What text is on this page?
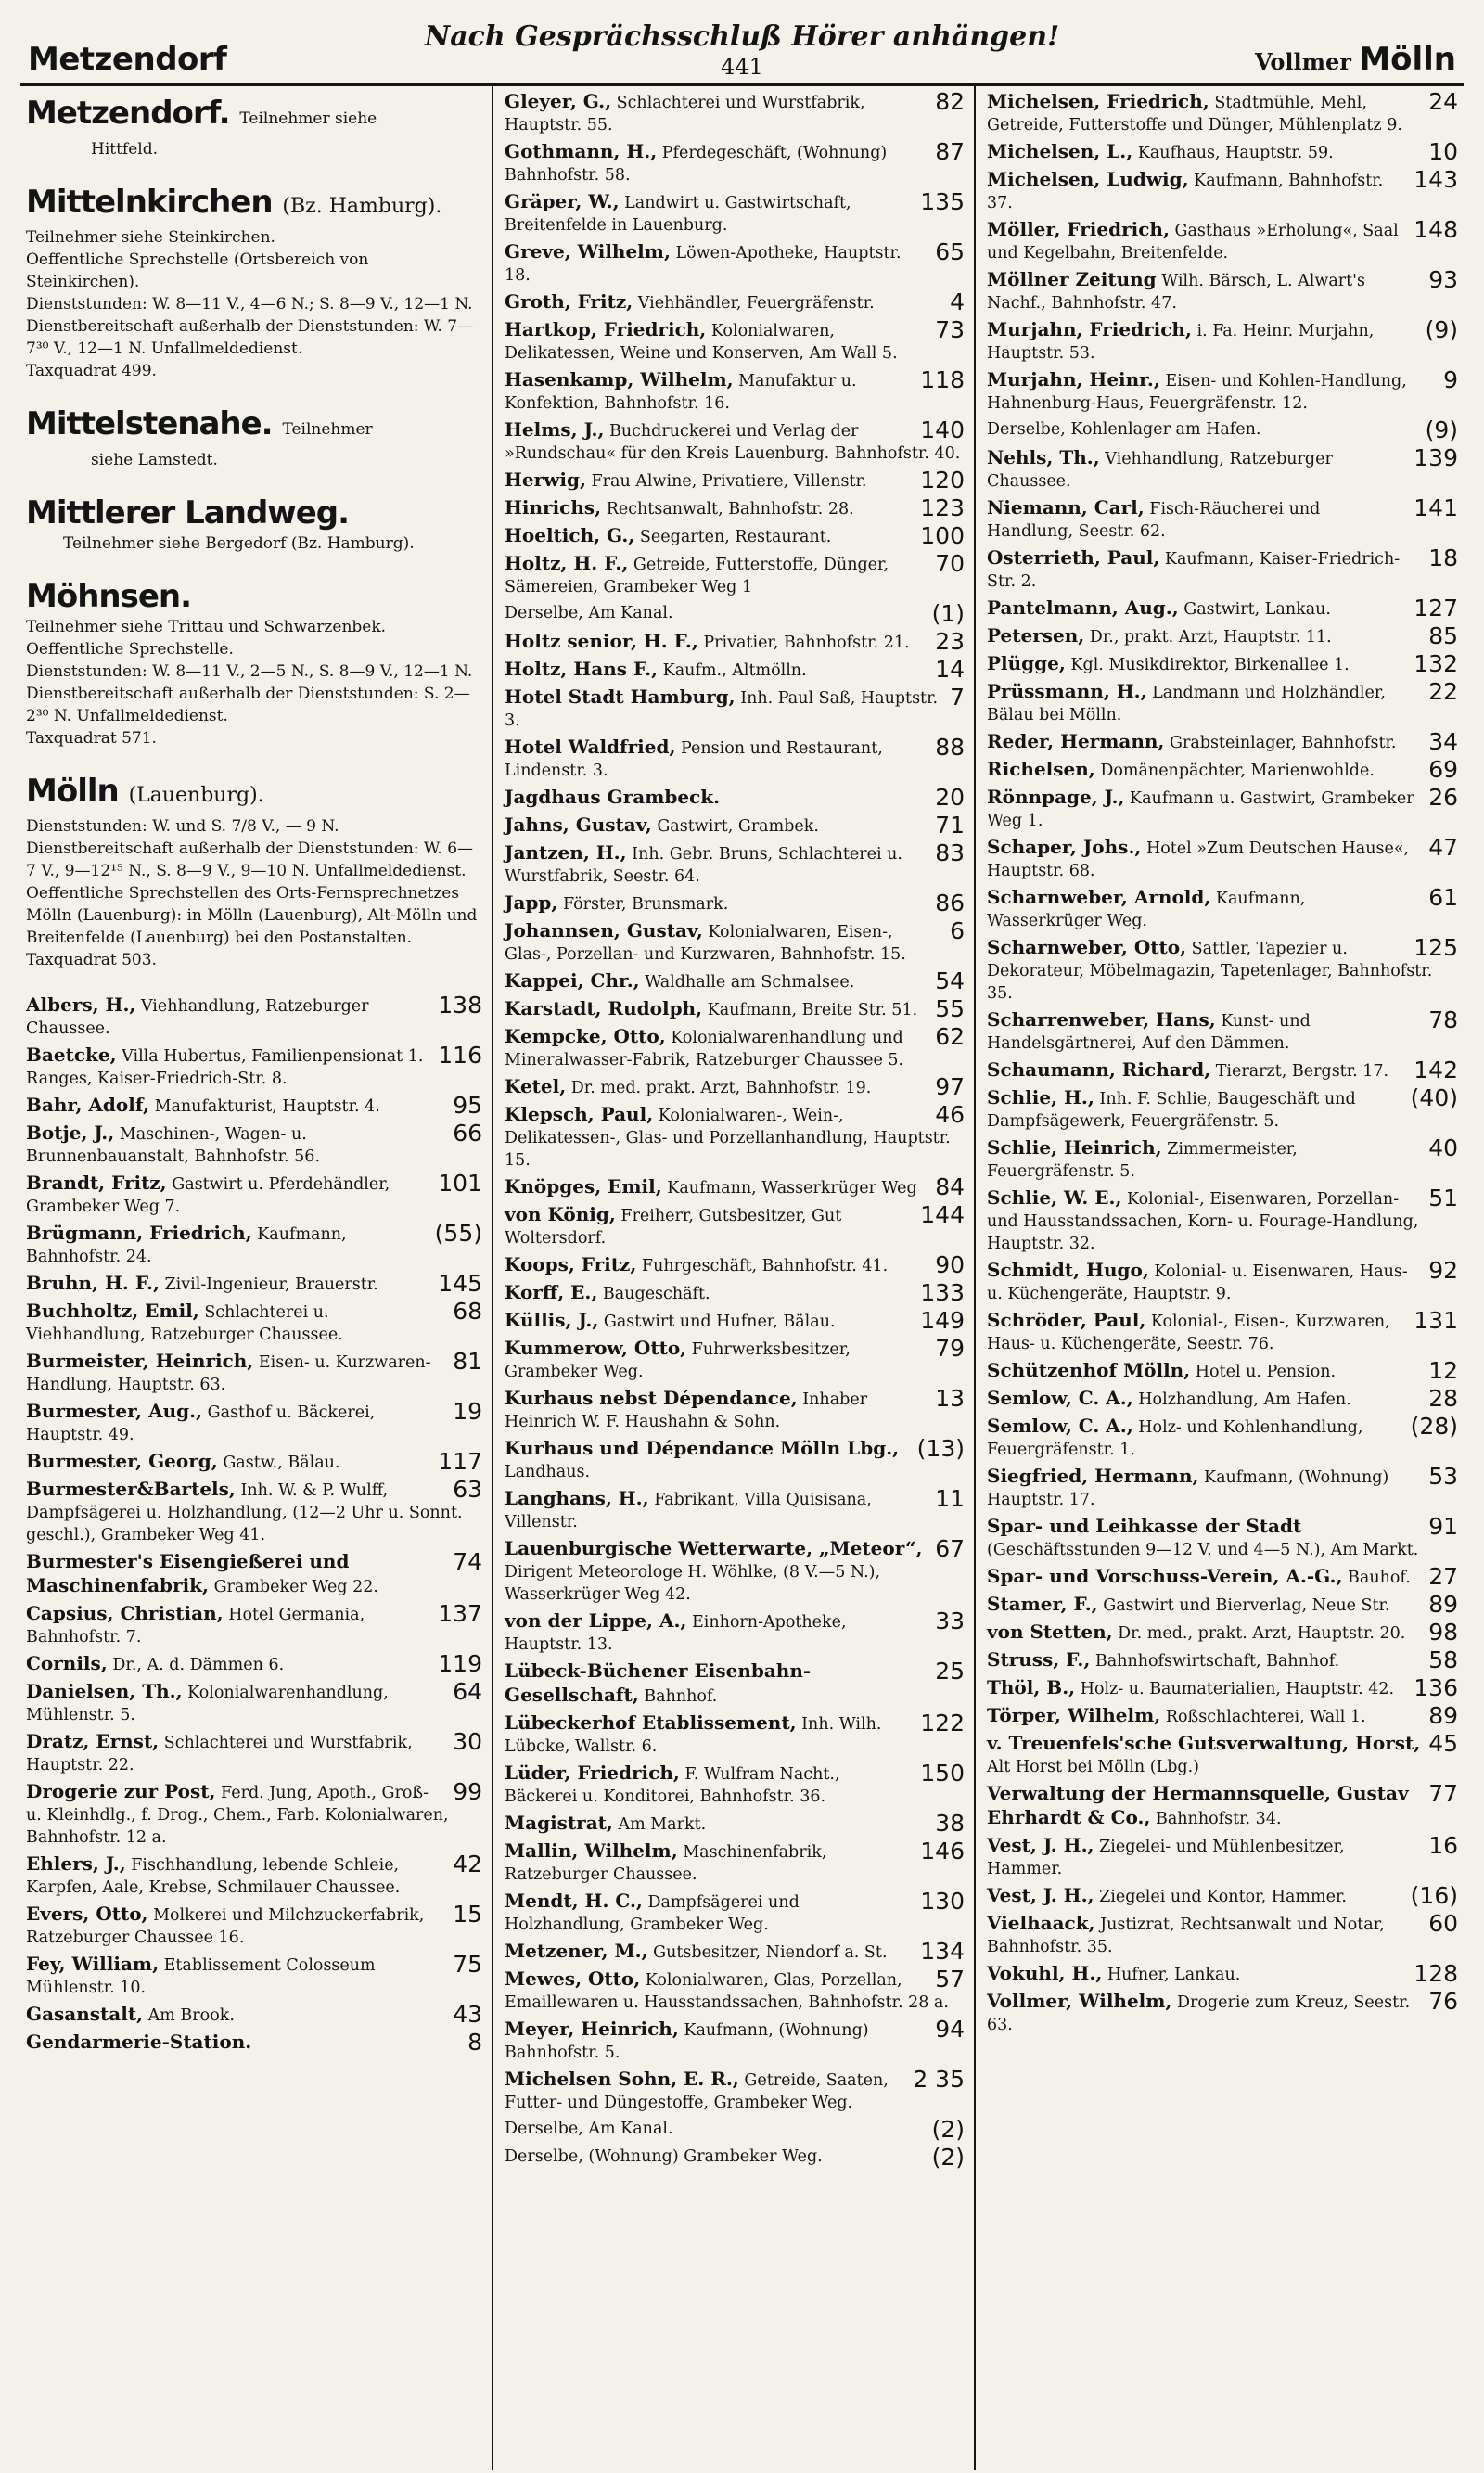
Metzendorf
Nach Gesprächsschluß Hörer anhängen!
441	Vollmer Mölln
Metzendorf. Teilnehmer siehe
Hittfeld.
Mittelnkirchen (Bz. Hamburg).
Teilnehmer siehe Steinkirchen.
Oeffentliche Sprechstelle (Ortsbereich von Steinkirchen).
Dienststunden: W. 8—11 V., 4—6 N.; S. 8—9 V., 12—1 N.
Dienstbereitschaft außerhalb der Dienststunden: W. 7—7³⁰ V., 12—1 N. Unfallmeldedienst.
Taxquadrat 499.
Mittelstenahe. Teilnehmer
siehe Lamstedt.
Mittlerer Landweg.
Teilnehmer siehe Bergedorf (Bz. Hamburg).
Möhnsen.
Teilnehmer siehe Trittau und Schwarzenbek.
Oeffentliche Sprechstelle.
Dienststunden: W. 8—11 V., 2—5 N., S. 8—9 V., 12—1 N.
Dienstbereitschaft außerhalb der Dienststunden: S. 2—2³⁰ N. Unfallmeldedienst.
Taxquadrat 571.
Mölln (Lauenburg).
Dienststunden: W. und S. 7/8 V., — 9 N.
Dienstbereitschaft außerhalb der Dienststunden: W. 6—7 V., 9—12¹⁵ N., S. 8—9 V., 9—10 N. Unfallmeldedienst.
Oeffentliche Sprechstellen des Orts-Fernsprechnetzes Mölln (Lauenburg): in Mölln (Lauenburg), Alt-Mölln und Breitenfelde (Lauenburg) bei den Postanstalten.
Taxquadrat 503.
138
Albers, H., Viehhandlung, Ratzeburger Chaussee.
116
Baetcke, Villa Hubertus, Familienpensionat 1. Ranges, Kaiser-Friedrich-Str. 8.
95
Bahr, Adolf, Manufakturist, Hauptstr. 4.
66
Botje, J., Maschinen-, Wagen- u. Brunnenbauanstalt, Bahnhofstr. 56.
101
Brandt, Fritz, Gastwirt u. Pferdehändler, Grambeker Weg 7.
(55)
Brügmann, Friedrich, Kaufmann, Bahnhofstr. 24.
145
Bruhn, H. F., Zivil-Ingenieur, Brauerstr.
68
Buchholtz, Emil, Schlachterei u. Viehhandlung, Ratzeburger Chaussee.
81
Burmeister, Heinrich, Eisen- u. Kurzwaren-Handlung, Hauptstr. 63.
19
Burmester, Aug., Gasthof u. Bäckerei, Hauptstr. 49.
117
Burmester, Georg, Gastw., Bälau.
63
Burmester&Bartels, Inh. W. & P. Wulff, Dampfsägerei u. Holzhandlung, (12—2 Uhr u. Sonnt. geschl.), Grambeker Weg 41.
74
Burmester's Eisengießerei und Maschinenfabrik, Grambeker Weg 22.
137
Capsius, Christian, Hotel Germania, Bahnhofstr. 7.
119
Cornils, Dr., A. d. Dämmen 6.
64
Danielsen, Th., Kolonialwarenhandlung, Mühlenstr. 5.
30
Dratz, Ernst, Schlachterei und Wurstfabrik, Hauptstr. 22.
99
Drogerie zur Post, Ferd. Jung, Apoth., Groß- u. Kleinhdlg., f. Drog., Chem., Farb. Kolonialwaren, Bahnhofstr. 12 a.
42
Ehlers, J., Fischhandlung, lebende Schleie, Karpfen, Aale, Krebse, Schmilauer Chaussee.
15
Evers, Otto, Molkerei und Milchzuckerfabrik, Ratzeburger Chaussee 16.
75
Fey, William, Etablissement Colosseum Mühlenstr. 10.
43
Gasanstalt, Am Brook.
8
Gendarmerie-Station.
82
Gleyer, G., Schlachterei und Wurstfabrik, Hauptstr. 55.
87
Gothmann, H., Pferdegeschäft, (Wohnung) Bahnhofstr. 58.
135
Gräper, W., Landwirt u. Gastwirtschaft, Breitenfelde in Lauenburg.
65
Greve, Wilhelm, Löwen-Apotheke, Hauptstr. 18.
4
Groth, Fritz, Viehhändler, Feuergräfenstr.
73
Hartkop, Friedrich, Kolonialwaren, Delikatessen, Weine und Konserven, Am Wall 5.
118
Hasenkamp, Wilhelm, Manufaktur u. Konfektion, Bahnhofstr. 16.
140
Helms, J., Buchdruckerei und Verlag der »Rundschau« für den Kreis Lauenburg. Bahnhofstr. 40.
120
Herwig, Frau Alwine, Privatiere, Villenstr.
123
Hinrichs, Rechtsanwalt, Bahnhofstr. 28.
100
Hoeltich, G., Seegarten, Restaurant.
70
Holtz, H. F., Getreide, Futterstoffe, Dünger, Sämereien, Grambeker Weg 1
(1)
Derselbe, Am Kanal.
23
Holtz senior, H. F., Privatier, Bahnhofstr. 21.
14
Holtz, Hans F., Kaufm., Altmölln.
7
Hotel Stadt Hamburg, Inh. Paul Saß, Hauptstr. 3.
88
Hotel Waldfried, Pension und Restaurant, Lindenstr. 3.
20
Jagdhaus Grambeck.
71
Jahns, Gustav, Gastwirt, Grambek.
83
Jantzen, H., Inh. Gebr. Bruns, Schlachterei u. Wurstfabrik, Seestr. 64.
86
Japp, Förster, Brunsmark.
6
Johannsen, Gustav, Kolonialwaren, Eisen-, Glas-, Porzellan- und Kurzwaren, Bahnhofstr. 15.
54
Kappei, Chr., Waldhalle am Schmalsee.
55
Karstadt, Rudolph, Kaufmann, Breite Str. 51.
62
Kempcke, Otto, Kolonialwarenhandlung und Mineralwasser-Fabrik, Ratzeburger Chaussee 5.
97
Ketel, Dr. med. prakt. Arzt, Bahnhofstr. 19.
46
Klepsch, Paul, Kolonialwaren-, Wein-, Delikatessen-, Glas- und Porzellanhandlung, Hauptstr. 15.
84
Knöpges, Emil, Kaufmann, Wasserkrüger Weg
144
von König, Freiherr, Gutsbesitzer, Gut Woltersdorf.
90
Koops, Fritz, Fuhrgeschäft, Bahnhofstr. 41.
133
Korff, E., Baugeschäft.
149
Küllis, J., Gastwirt und Hufner, Bälau.
79
Kummerow, Otto, Fuhrwerksbesitzer, Grambeker Weg.
13
Kurhaus nebst Dépendance, Inhaber Heinrich W. F. Haushahn & Sohn.
(13)
Kurhaus und Dépendance Mölln Lbg., Landhaus.
11
Langhans, H., Fabrikant, Villa Quisisana, Villenstr.
67
Lauenburgische Wetterwarte, „Meteor“, Dirigent Meteorologe H. Wöhlke, (8 V.—5 N.), Wasserkrüger Weg 42.
33
von der Lippe, A., Einhorn-Apotheke, Hauptstr. 13.
25
Lübeck-Büchener Eisenbahn-Gesellschaft, Bahnhof.
122
Lübeckerhof Etablissement, Inh. Wilh. Lübcke, Wallstr. 6.
150
Lüder, Friedrich, F. Wulfram Nacht., Bäckerei u. Konditorei, Bahnhofstr. 36.
38
Magistrat, Am Markt.
146
Mallin, Wilhelm, Maschinenfabrik, Ratzeburger Chaussee.
130
Mendt, H. C., Dampfsägerei und Holzhandlung, Grambeker Weg.
134
Metzener, M., Gutsbesitzer, Niendorf a. St.
57
Mewes, Otto, Kolonialwaren, Glas, Porzellan, Emaillewaren u. Hausstandssachen, Bahnhofstr. 28 a.
94
Meyer, Heinrich, Kaufmann, (Wohnung) Bahnhofstr. 5.
2 35
Michelsen Sohn, E. R., Getreide, Saaten, Futter- und Düngestoffe, Grambeker Weg.
(2)
Derselbe, Am Kanal.
(2)
Derselbe, (Wohnung) Grambeker Weg.
24
Michelsen, Friedrich, Stadtmühle, Mehl, Getreide, Futterstoffe und Dünger, Mühlenplatz 9.
10
Michelsen, L., Kaufhaus, Hauptstr. 59.
143
Michelsen, Ludwig, Kaufmann, Bahnhofstr. 37.
148
Möller, Friedrich, Gasthaus »Erholung«, Saal und Kegelbahn, Breitenfelde.
93
Möllner Zeitung Wilh. Bärsch, L. Alwart's Nachf., Bahnhofstr. 47.
(9)
Murjahn, Friedrich, i. Fa. Heinr. Murjahn, Hauptstr. 53.
9
Murjahn, Heinr., Eisen- und Kohlen-Handlung, Hahnenburg-Haus, Feuergräfenstr. 12.
(9)
Derselbe, Kohlenlager am Hafen.
139
Nehls, Th., Viehhandlung, Ratzeburger Chaussee.
141
Niemann, Carl, Fisch-Räucherei und Handlung, Seestr. 62.
18
Osterrieth, Paul, Kaufmann, Kaiser-Friedrich-Str. 2.
127
Pantelmann, Aug., Gastwirt, Lankau.
85
Petersen, Dr., prakt. Arzt, Hauptstr. 11.
132
Plügge, Kgl. Musikdirektor, Birkenallee 1.
22
Prüssmann, H., Landmann und Holzhändler, Bälau bei Mölln.
34
Reder, Hermann, Grabsteinlager, Bahnhofstr.
69
Richelsen, Domänenpächter, Marienwohlde.
26
Rönnpage, J., Kaufmann u. Gastwirt, Grambeker Weg 1.
47
Schaper, Johs., Hotel »Zum Deutschen Hause«, Hauptstr. 68.
61
Scharnweber, Arnold, Kaufmann, Wasserkrüger Weg.
125
Scharnweber, Otto, Sattler, Tapezier u. Dekorateur, Möbelmagazin, Tapetenlager, Bahnhofstr. 35.
78
Scharrenweber, Hans, Kunst- und Handelsgärtnerei, Auf den Dämmen.
142
Schaumann, Richard, Tierarzt, Bergstr. 17.
(40)
Schlie, H., Inh. F. Schlie, Baugeschäft und Dampfsägewerk, Feuergräfenstr. 5.
40
Schlie, Heinrich, Zimmermeister, Feuergräfenstr. 5.
51
Schlie, W. E., Kolonial-, Eisenwaren, Porzellan- und Hausstandssachen, Korn- u. Fourage-Handlung, Hauptstr. 32.
92
Schmidt, Hugo, Kolonial- u. Eisenwaren, Haus- u. Küchengeräte, Hauptstr. 9.
131
Schröder, Paul, Kolonial-, Eisen-, Kurzwaren, Haus- u. Küchengeräte, Seestr. 76.
12
Schützenhof Mölln, Hotel u. Pension.
28
Semlow, C. A., Holzhandlung, Am Hafen.
(28)
Semlow, C. A., Holz- und Kohlenhandlung, Feuergräfenstr. 1.
53
Siegfried, Hermann, Kaufmann, (Wohnung) Hauptstr. 17.
91
Spar- und Leihkasse der Stadt (Geschäftsstunden 9—12 V. und 4—5 N.), Am Markt.
27
Spar- und Vorschuss-Verein, A.-G., Bauhof.
89
Stamer, F., Gastwirt und Bierverlag, Neue Str.
98
von Stetten, Dr. med., prakt. Arzt, Hauptstr. 20.
58
Struss, F., Bahnhofswirtschaft, Bahnhof.
136
Thöl, B., Holz- u. Baumaterialien, Hauptstr. 42.
89
Törper, Wilhelm, Roßschlachterei, Wall 1.
45
v. Treuenfels'sche Gutsverwaltung, Horst, Alt Horst bei Mölln (Lbg.)
77
Verwaltung der Hermannsquelle, Gustav Ehrhardt & Co., Bahnhofstr. 34.
16
Vest, J. H., Ziegelei- und Mühlenbesitzer, Hammer.
(16)
Vest, J. H., Ziegelei und Kontor, Hammer.
60
Vielhaack, Justizrat, Rechtsanwalt und Notar, Bahnhofstr. 35.
128
Vokuhl, H., Hufner, Lankau.
76
Vollmer, Wilhelm, Drogerie zum Kreuz, Seestr. 63.
